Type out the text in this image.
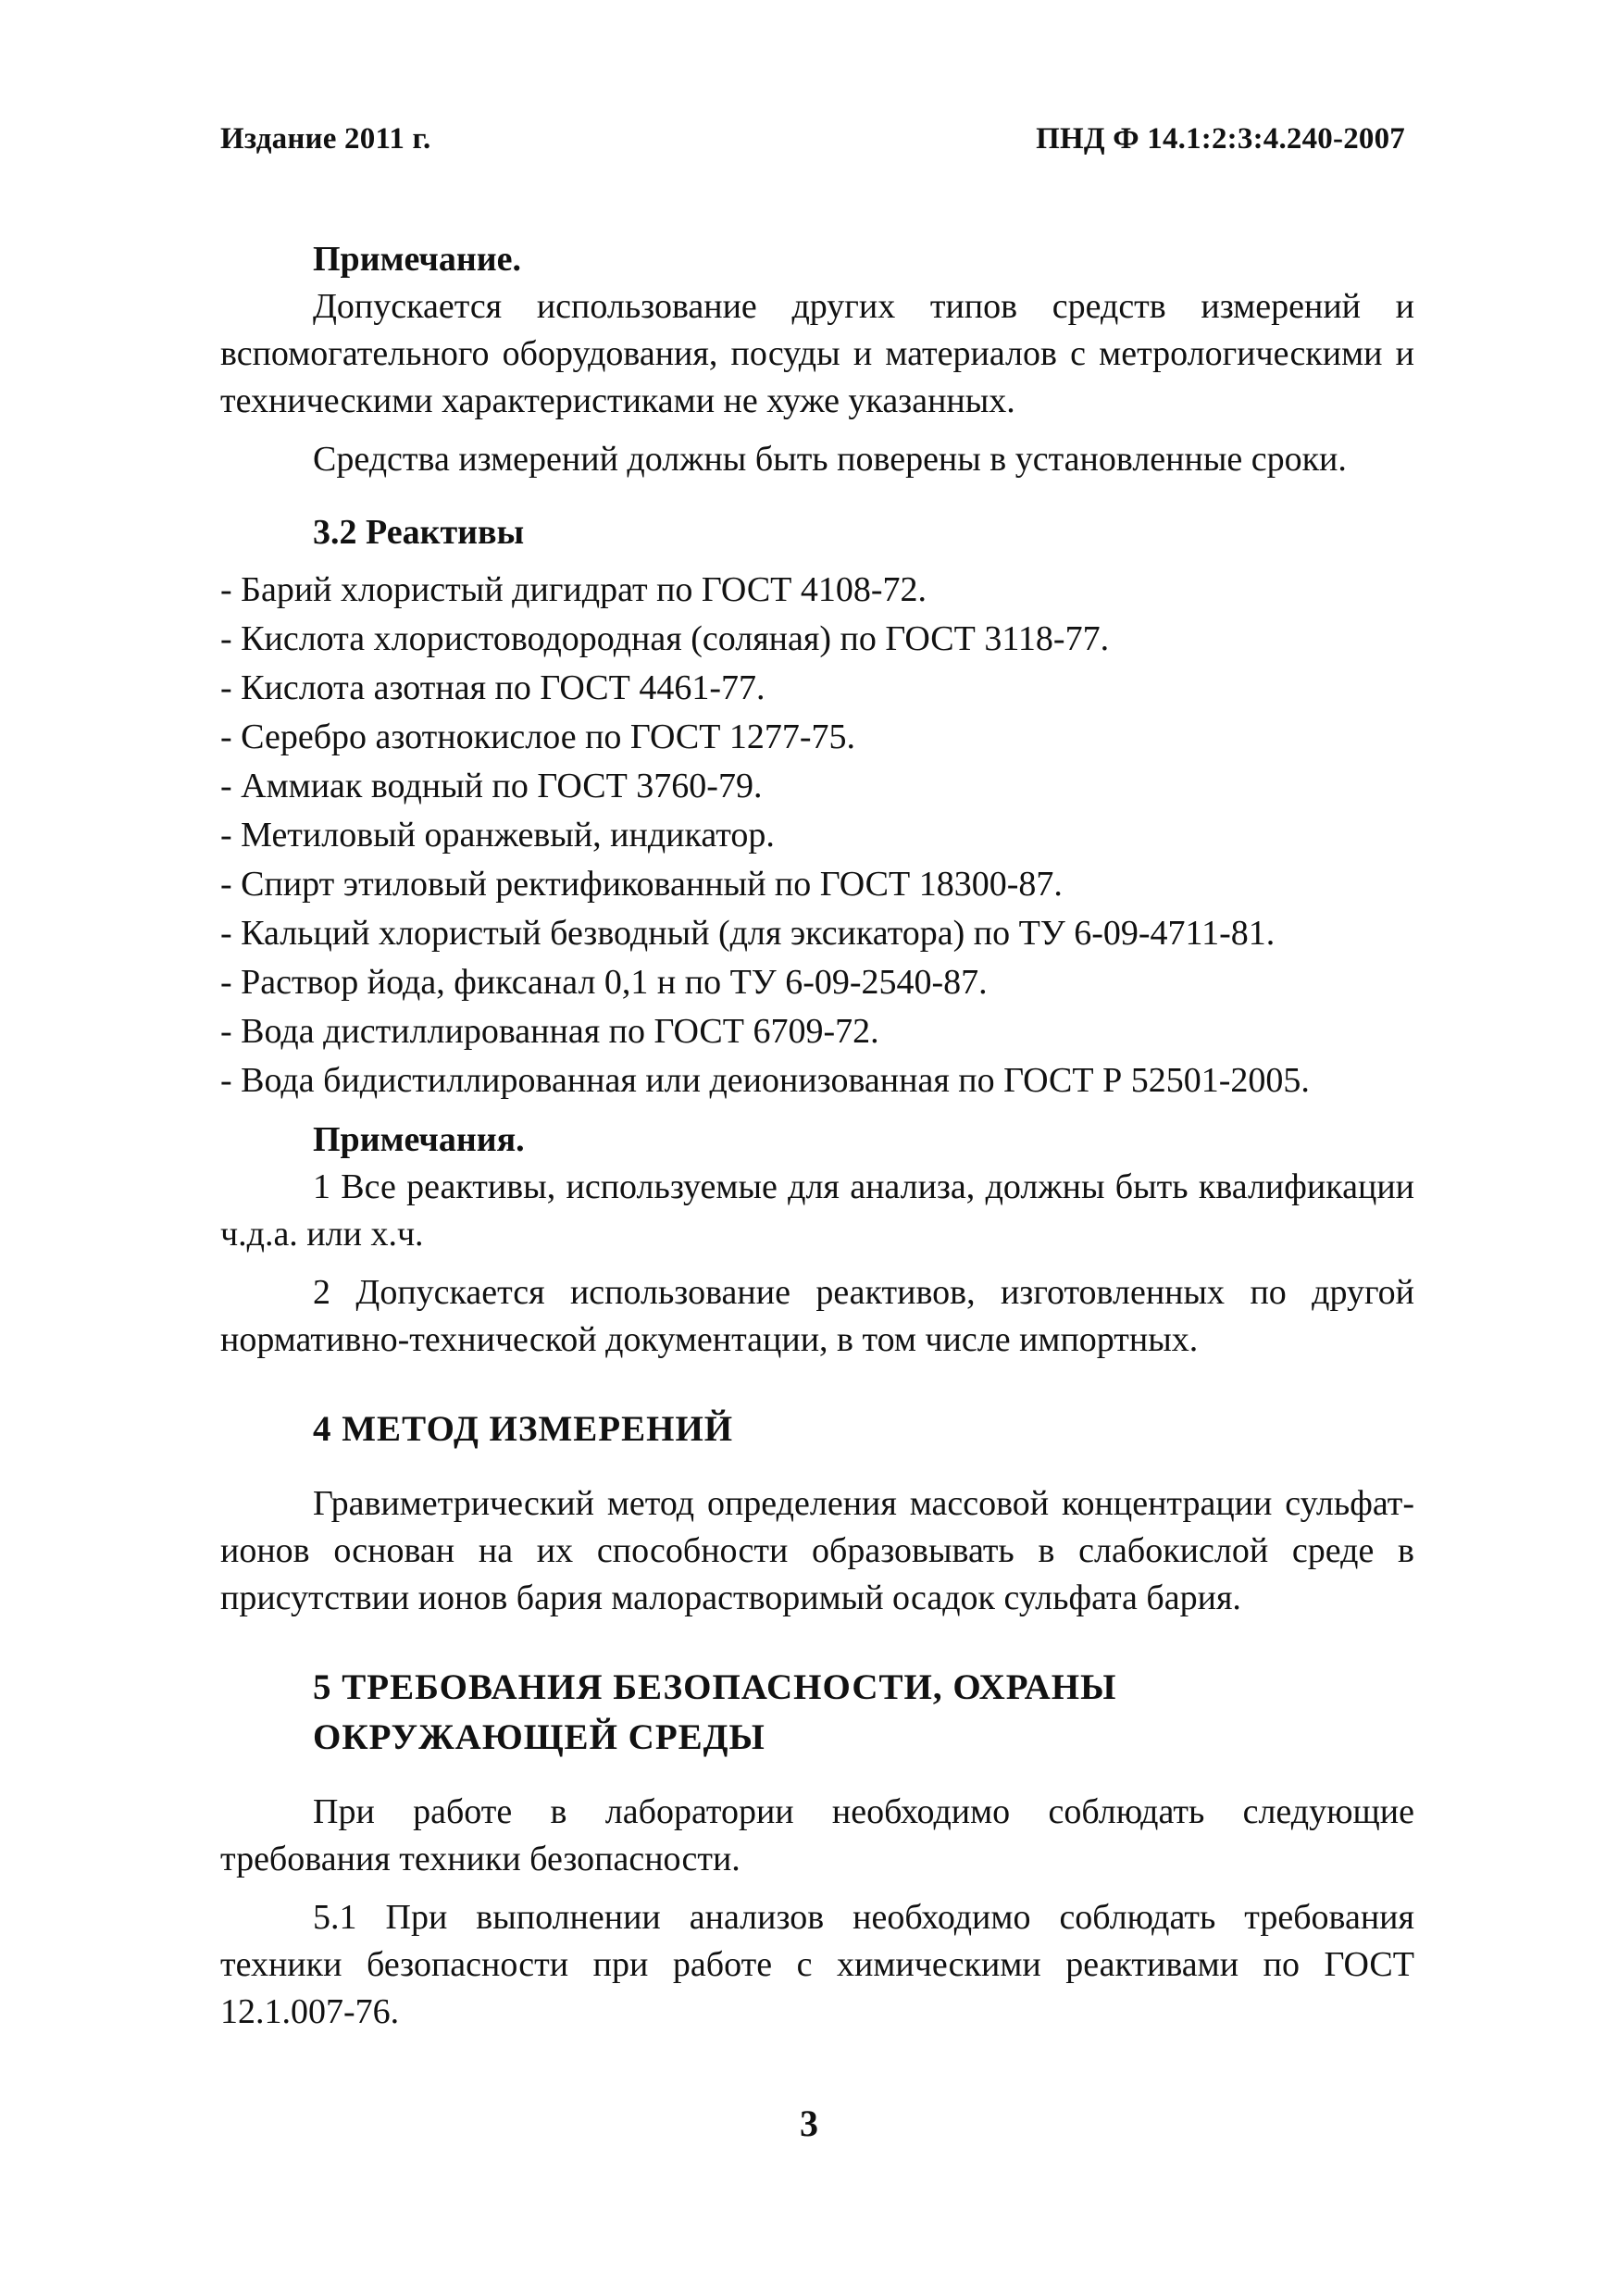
Издание 2011 г.	ПНД Ф 14.1:2:3:4.240-2007

Примечание.

Допускается использование других типов средств измерений и вспомогательного оборудования, посуды и материалов с метрологическими и техническими характеристиками не хуже указанных.

Средства измерений должны быть поверены в установленные сроки.

3.2 Реактивы

- Барий хлористый дигидрат по ГОСТ 4108-72.
- Кислота хлористоводородная (соляная) по ГОСТ 3118-77.
- Кислота азотная по ГОСТ 4461-77.
- Серебро азотнокислое по ГОСТ 1277-75.
- Аммиак водный по ГОСТ 3760-79.
- Метиловый оранжевый, индикатор.
- Спирт этиловый ректификованный по ГОСТ 18300-87.
- Кальций хлористый безводный (для эксикатора) по ТУ 6-09-4711-81.
- Раствор йода, фиксанал 0,1 н по ТУ 6-09-2540-87.
- Вода дистиллированная по ГОСТ 6709-72.
- Вода бидистиллированная или деионизованная по ГОСТ Р 52501-2005.

Примечания.

1 Все реактивы, используемые для анализа, должны быть квалификации ч.д.а. или х.ч.

2 Допускается использование реактивов, изготовленных по другой нормативно-технической документации, в том числе импортных.

4 МЕТОД ИЗМЕРЕНИЙ

Гравиметрический метод определения массовой концентрации сульфат-ионов основан на их способности образовывать в слабокислой среде в присутствии ионов бария малорастворимый осадок сульфата бария.

5 ТРЕБОВАНИЯ БЕЗОПАСНОСТИ, ОХРАНЫ

ОКРУЖАЮЩЕЙ СРЕДЫ

При работе в лаборатории необходимо соблюдать следующие требования техники безопасности.

5.1 При выполнении анализов необходимо соблюдать требования техники безопасности при работе с химическими реактивами по ГОСТ 12.1.007-76.

3
